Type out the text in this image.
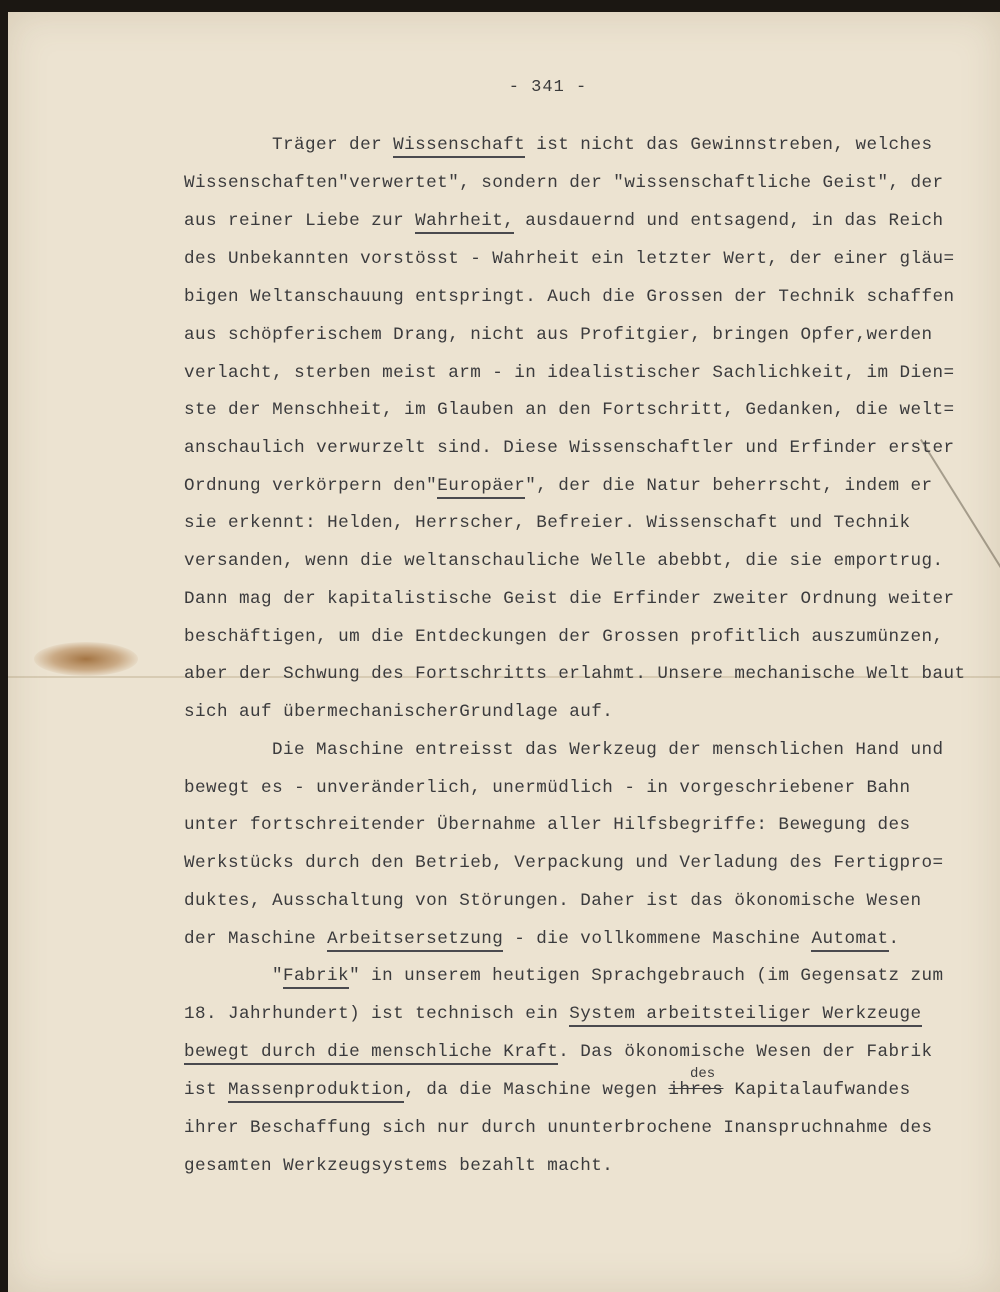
- 341 -
Träger der Wissenschaft ist nicht das Gewinnstreben, welches
Wissenschaften"verwertet", sondern der "wissenschaftliche Geist", der
aus reiner Liebe zur Wahrheit, ausdauernd und entsagend, in das Reich
des Unbekannten vorstösst - Wahrheit ein letzter Wert, der einer gläu=
bigen Weltanschauung entspringt. Auch die Grossen der Technik schaffen
aus schöpferischem Drang, nicht aus Profitgier, bringen Opfer,werden
verlacht, sterben meist arm - in idealistischer Sachlichkeit, im Dien=
ste der Menschheit, im Glauben an den Fortschritt, Gedanken, die welt=
anschaulich verwurzelt sind. Diese Wissenschaftler und Erfinder erster
Ordnung verkörpern den"Europäer", der die Natur beherrscht, indem er
sie erkennt: Helden, Herrscher, Befreier. Wissenschaft und Technik
versanden, wenn die weltanschauliche Welle abebbt, die sie emportrug.
Dann mag der kapitalistische Geist die Erfinder zweiter Ordnung weiter
beschäftigen, um die Entdeckungen der Grossen profitlich auszumünzen,
aber der Schwung des Fortschritts erlahmt. Unsere mechanische Welt baut
sich auf übermechanischerGrundlage auf.
Die Maschine entreisst das Werkzeug der menschlichen Hand und
bewegt es - unveränderlich, unermüdlich - in vorgeschriebener Bahn
unter fortschreitender Übernahme aller Hilfsbegriffe: Bewegung des
Werkstücks durch den Betrieb, Verpackung und Verladung des Fertigpro=
duktes, Ausschaltung von Störungen. Daher ist das ökonomische Wesen
der Maschine Arbeitsersetzung - die vollkommene Maschine Automat.
"Fabrik" in unserem heutigen Sprachgebrauch (im Gegensatz zum
18. Jahrhundert) ist technisch ein System arbeitsteiliger Werkzeuge
bewegt durch die menschliche Kraft. Das ökonomische Wesen der Fabrik
ist Massenproduktion, da die Maschine wegen ihres Kapitalaufwandes
ihrer Beschaffung sich nur durch ununterbrochene Inanspruchnahme des
gesamten Werkzeugsystems bezahlt macht.
des
